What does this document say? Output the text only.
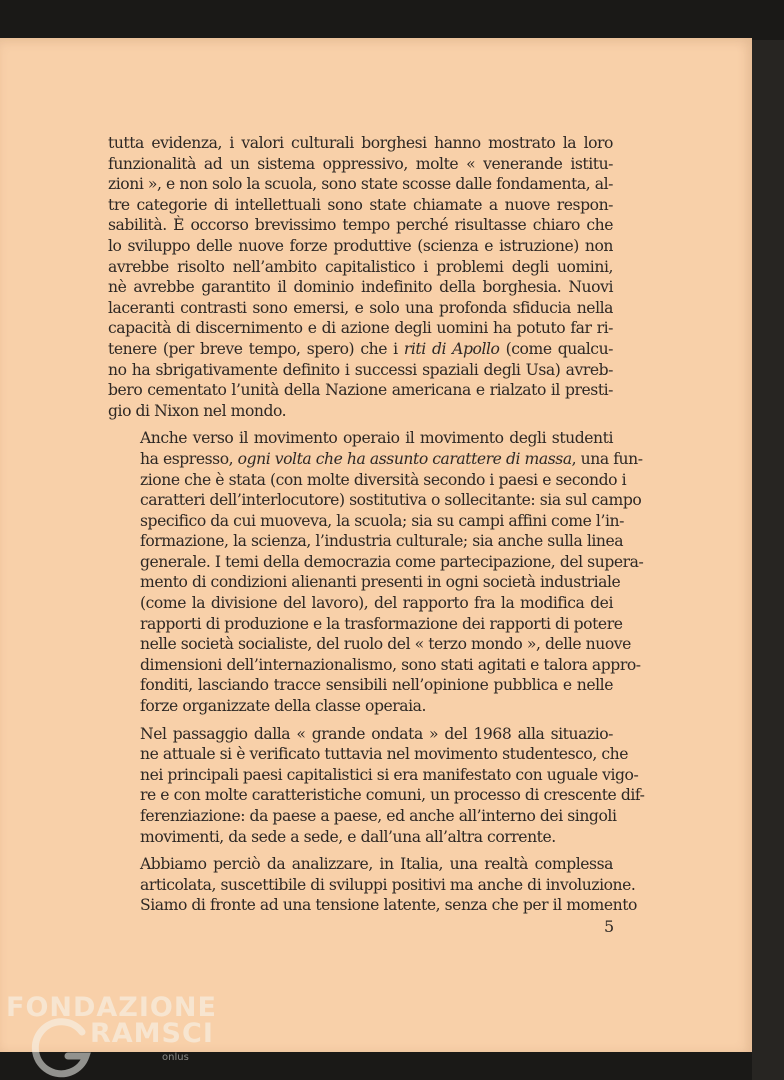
tutta evidenza, i valori culturali borghesi hanno mostrato la loro
funzionalità ad un sistema oppressivo, molte « venerande istitu-
zioni », e non solo la scuola, sono state scosse dalle fondamenta, al-
tre categorie di intellettuali sono state chiamate a nuove respon-
sabilità. È occorso brevissimo tempo perché risultasse chiaro che
lo sviluppo delle nuove forze produttive (scienza e istruzione) non
avrebbe risolto nell’ambito capitalistico i problemi degli uomini,
nè avrebbe garantito il dominio indefinito della borghesia. Nuovi
laceranti contrasti sono emersi, e solo una profonda sfiducia nella
capacità di discernimento e di azione degli uomini ha potuto far ri-
tenere (per breve tempo, spero) che i riti di Apollo (come qualcu-
no ha sbrigativamente definito i successi spaziali degli Usa) avreb-
bero cementato l’unità della Nazione americana e rialzato il presti-
gio di Nixon nel mondo.

Anche verso il movimento operaio il movimento degli studenti
ha espresso, ogni volta che ha assunto carattere di massa, una fun-
zione che è stata (con molte diversità secondo i paesi e secondo i
caratteri dell’interlocutore) sostitutiva o sollecitante: sia sul campo
specifico da cui muoveva, la scuola; sia su campi affini come l’in-
formazione, la scienza, l’industria culturale; sia anche sulla linea
generale. I temi della democrazia come partecipazione, del supera-
mento di condizioni alienanti presenti in ogni società industriale
(come la divisione del lavoro), del rapporto fra la modifica dei
rapporti di produzione e la trasformazione dei rapporti di potere
nelle società socialiste, del ruolo del « terzo mondo », delle nuove
dimensioni dell’internazionalismo, sono stati agitati e talora appro-
fonditi, lasciando tracce sensibili nell’opinione pubblica e nelle
forze organizzate della classe operaia.

Nel passaggio dalla « grande ondata » del 1968 alla situazio-
ne attuale si è verificato tuttavia nel movimento studentesco, che
nei principali paesi capitalistici si era manifestato con uguale vigo-
re e con molte caratteristiche comuni, un processo di crescente dif-
ferenziazione: da paese a paese, ed anche all’interno dei singoli
movimenti, da sede a sede, e dall’una all’altra corrente.

Abbiamo perciò da analizzare, in Italia, una realtà complessa
articolata, suscettibile di sviluppi positivi ma anche di involuzione.
Siamo di fronte ad una tensione latente, senza che per il momento

5
FONDAZIONE
RAMSCI
onlus
